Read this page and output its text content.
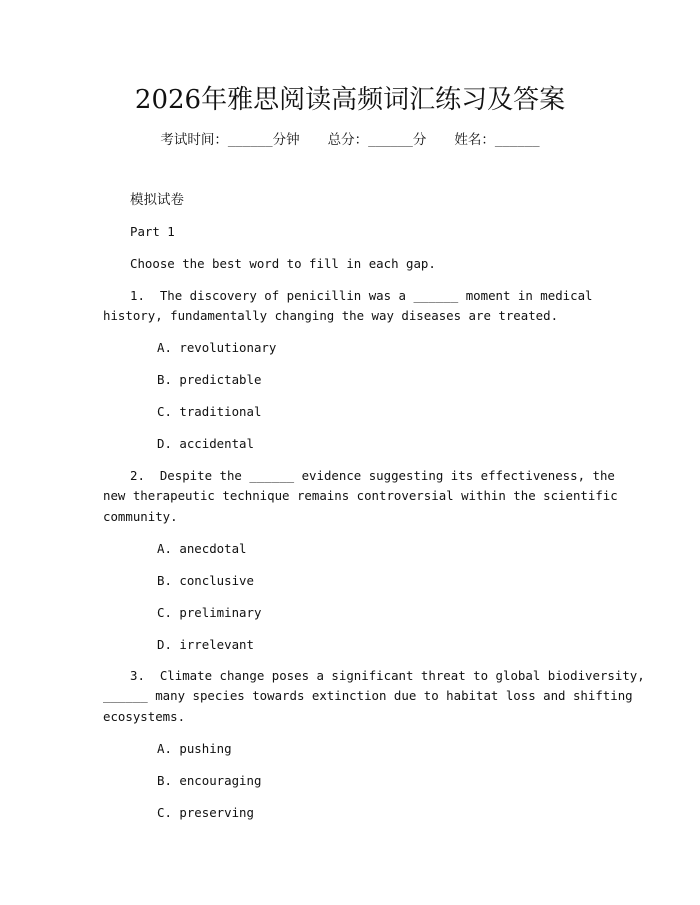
2026年雅思阅读高频词汇练习及答案
考试时间：______分钟 总分：______分 姓名：______
模拟试卷
Part 1
Choose the best word to fill in each gap.
1.  The discovery of penicillin was a ______ moment in medical
history, fundamentally changing the way diseases are treated.
A. revolutionary
B. predictable
C. traditional
D. accidental
2.  Despite the ______ evidence suggesting its effectiveness, the
new therapeutic technique remains controversial within the scientific
community.
A. anecdotal
B. conclusive
C. preliminary
D. irrelevant
3.  Climate change poses a significant threat to global biodiversity,
______ many species towards extinction due to habitat loss and shifting
ecosystems.
A. pushing
B. encouraging
C. preserving
